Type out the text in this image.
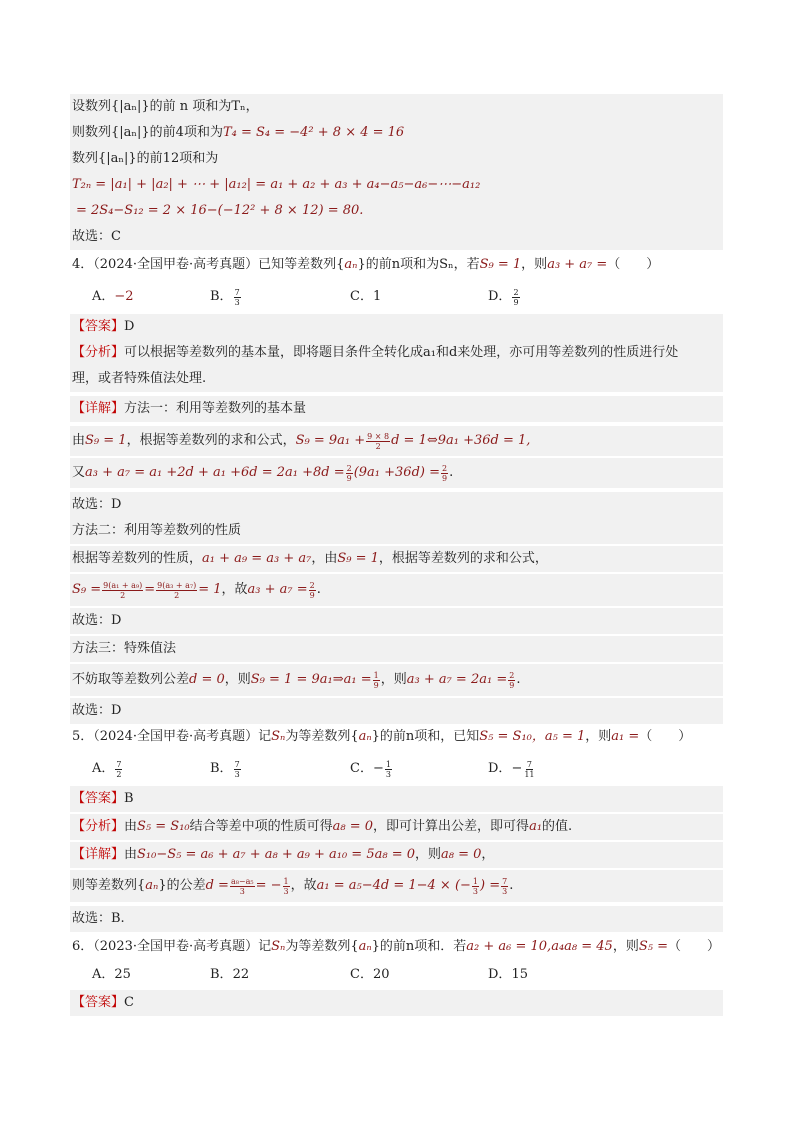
设数列{|aₙ|}的前 n 项和为Tₙ，
则数列{|aₙ|}的前4项和为 T₄ = S₄ = −4² + 8 × 4 = 16
数列{|aₙ|}的前12项和为
T₂ₙ = |a₁| + |a₂| + ⋯ + |a₁₂| = a₁ + a₂ + a₃ + a₄−a₅−a₆−⋯−a₁₂
= 2S₄−S₁₂ = 2 × 16−(−12² + 8 × 12) = 80.
故选：C
4．（2024·全国甲卷·高考真题）已知等差数列{ aₙ }的前n项和为Sₙ，若 S₉ = 1 ，则 a₃ + a₇ = （　　）
A． −2	B． $\frac{7}{3}$	C． 1	D． $\frac{2}{9}$
【答案】 D
【分析】 可以根据等差数列的基本量，即将题目条件全转化成a₁和d来处理，亦可用等差数列的性质进行处
理，或者特殊值法处理.
【详解】 方法一：利用等差数列的基本量
由 S₉ = 1 ，根据等差数列的求和公式， $S_9 = 9a_1 + \frac{9 \times 8}{2}$ d = 1⇔9a₁ +36d = 1,
又 $a_3 + a_7 = a_1 +2d + a_1 +6d = 2a_1 +8d = \frac{2}{9} (9a_1 +36d) = \frac{2}{9}$ .
故选：D
方法二：利用等差数列的性质
根据等差数列的性质， a₁ + a₉ = a₃ + a₇ ，由 S₉ = 1 ，根据等差数列的求和公式，
$S_9 = \frac{\text{9(a₁ + a₉)}}{2} = \frac{\text{9(a₃ + a₇)}}{2} = 1$ ，故 $a_3 + a_7 = \frac{2}{9}$ .
故选：D
方法三：特殊值法
不妨取等差数列公差 d = 0 ，则 S₉ = 1 = 9a₁⇒a₁ = $\frac{1}{9}$ ，则 $a_3 + a_7 = 2a_1 = \frac{2}{9}$ .
故选：D
5．（2024·全国甲卷·高考真题）记 Sₙ 为等差数列{ aₙ }的前n项和，已知 S₅ = S₁₀，a₅ = 1 ，则 a₁ = （　　）
A． $\frac{7}{2}$	B． $\frac{7}{3}$	C． − $\frac{1}{3}$	D． − $\frac{7}{11}$
【答案】 B
【分析】 由 S₅ = S₁₀ 结合等差中项的性质可得 a₈ = 0 ，即可计算出公差，即可得 a₁ 的值.
【详解】 由 S₁₀−S₅ = a₆ + a₇ + a₈ + a₉ + a₁₀ = 5a₈ = 0 ，则 a₈ = 0 ，
则等差数列{ aₙ }的公差 $d = \frac{\text{a₈−a₅}}{3}$ = − $\frac{1}{3}$ ，故 a₁ = a₅−4d = 1−4 × (− $\frac{1}{3}$ ) = $\frac{7}{3}$ .
故选：B.
6．（2023·全国甲卷·高考真题）记 Sₙ 为等差数列{ aₙ }的前n项和．若 a₂ + a₆ = 10,a₄a₈ = 45 ，则 S₅ = （　　）
A． 25	B． 22	C． 20	D． 15
【答案】 C
